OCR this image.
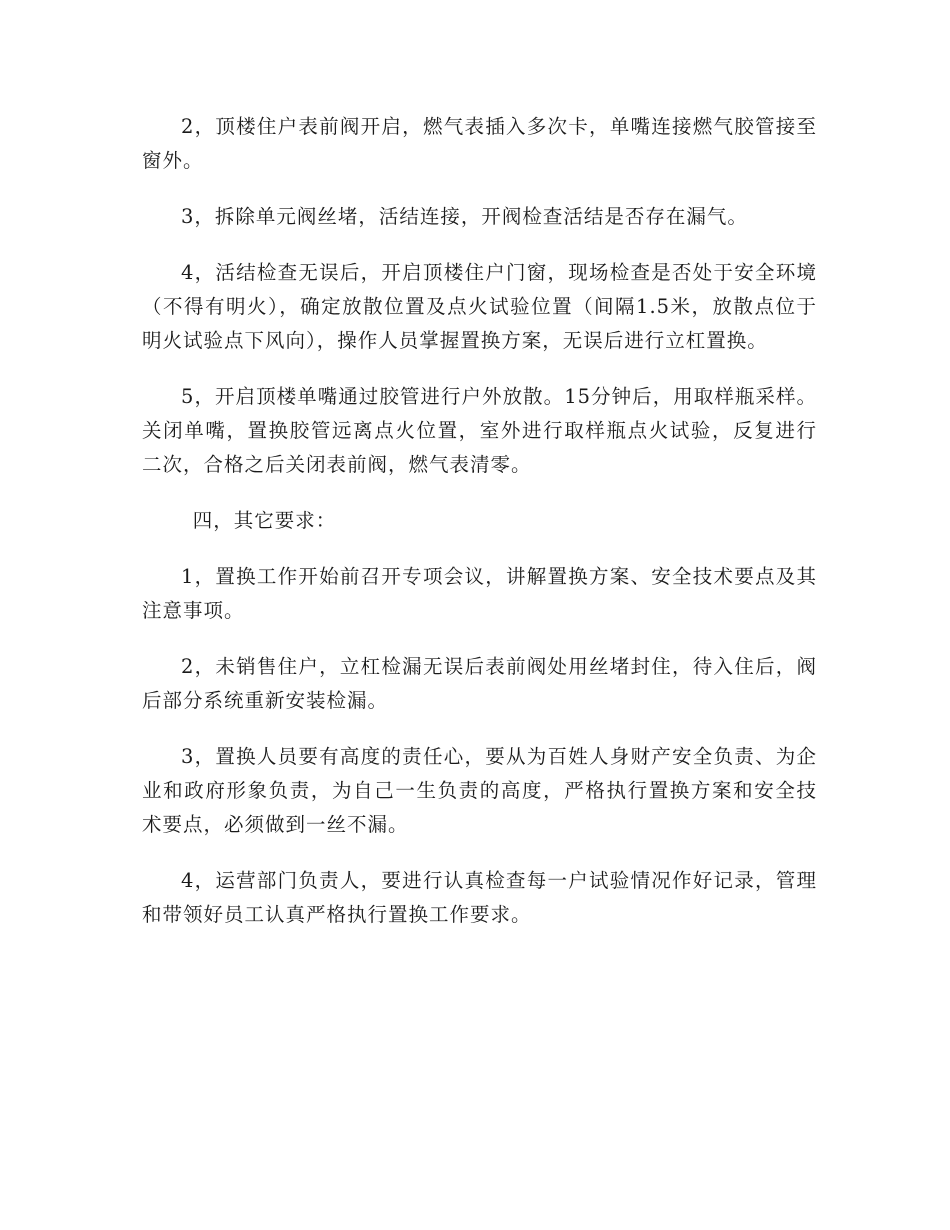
2，顶楼住户表前阀开启，燃气表插入多次卡，单嘴连接燃气胶管接至窗外。

3，拆除单元阀丝堵，活结连接，开阀检查活结是否存在漏气。

4，活结检查无误后，开启顶楼住户门窗，现场检查是否处于安全环境（不得有明火），确定放散位置及点火试验位置（间隔1.5米，放散点位于明火试验点下风向），操作人员掌握置换方案，无误后进行立杠置换。

5，开启顶楼单嘴通过胶管进行户外放散。15分钟后，用取样瓶采样。关闭单嘴，置换胶管远离点火位置，室外进行取样瓶点火试验，反复进行二次，合格之后关闭表前阀，燃气表清零。

四，其它要求：

1，置换工作开始前召开专项会议，讲解置换方案、安全技术要点及其注意事项。

2，未销售住户，立杠检漏无误后表前阀处用丝堵封住，待入住后，阀后部分系统重新安装检漏。

3，置换人员要有高度的责任心，要从为百姓人身财产安全负责、为企业和政府形象负责，为自己一生负责的高度，严格执行置换方案和安全技术要点，必须做到一丝不漏。

4，运营部门负责人，要进行认真检查每一户试验情况作好记录，管理和带领好员工认真严格执行置换工作要求。
